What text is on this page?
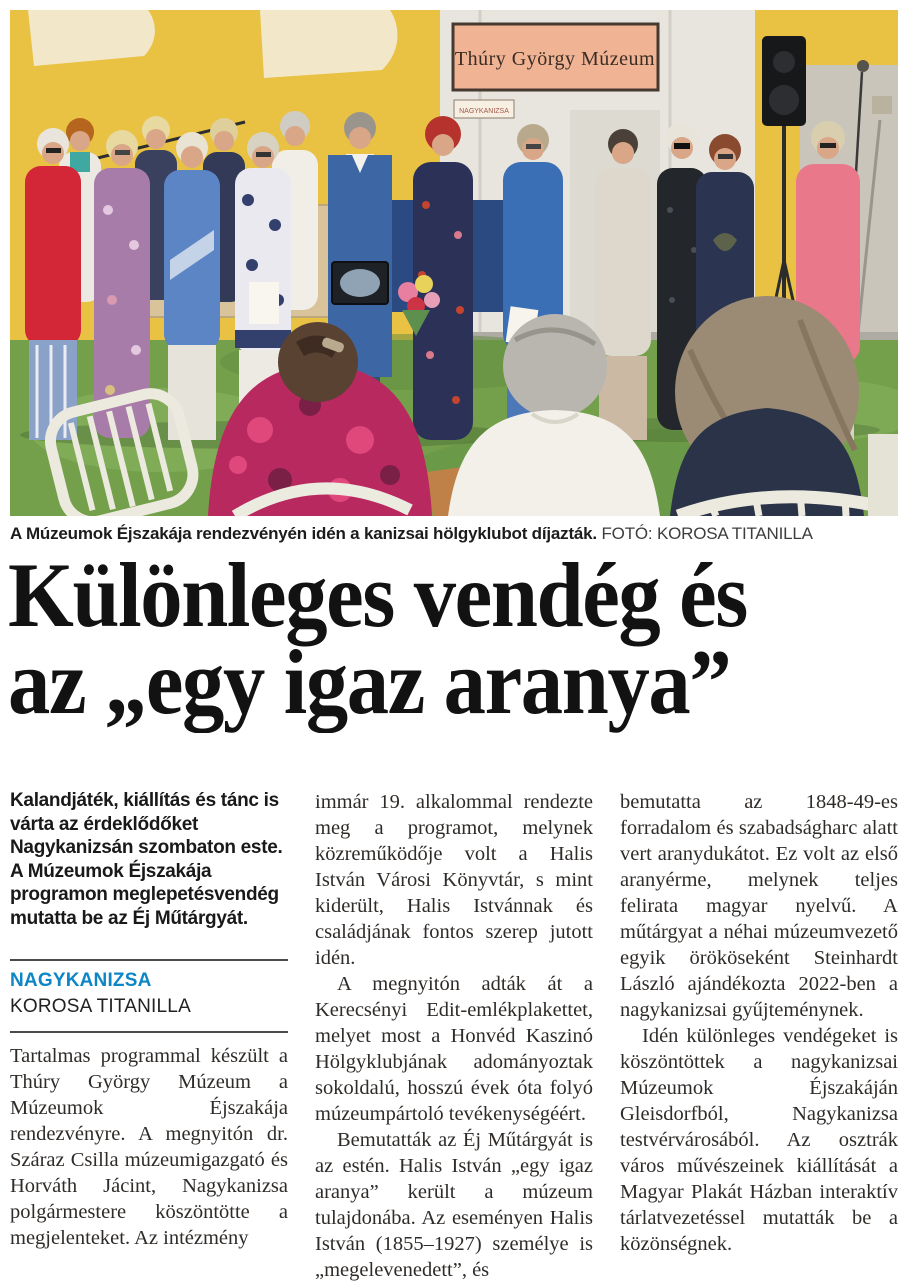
Thúry György Múzeum
NAGYKANIZSA
A Múzeumok Éjszakája rendezvényén idén a kanizsai hölgyklubot díjazták. FOTÓ: KOROSA TITANILLA
Különleges vendég és
az „egy igaz aranya”
Kalandjáték, kiállítás és tánc is várta az érdeklődőket Nagykanizsán szombaton este. A Múzeumok Éjszakája programon meglepetésvendég mutatta be az Éj Műtárgyát.
NAGYKANIZSA
KOROSA TITANILLA

Tartalmas programmal készült a Thúry György Múzeum a Múzeumok Éjszakája rendezvényre. A megnyitón dr. Száraz Csilla múzeumigazgató és Horváth Jácint, Nagykanizsa polgármestere köszöntötte a megjelenteket. Az intézmény

immár 19. alkalommal rendezte meg a programot, melynek közreműködője volt a Halis István Városi Könyvtár, s mint kiderült, Halis Istvánnak és családjának fontos szerep jutott idén.

A megnyitón adták át a Kerecsényi Edit-emlékplakettet, melyet most a Honvéd Kaszinó Hölgyklubjának adományoztak sokoldalú, hosszú évek óta folyó múzeumpártoló tevékenységéért.

Bemutatták az Éj Műtárgyát is az estén. Halis István „egy igaz aranya” került a múzeum tulajdonába. Az eseményen Halis István (1855–1927) személye is „megelevenedett”, és

bemutatta az 1848-49-es forradalom és szabadságharc alatt vert aranydukátot. Ez volt az első aranyérme, melynek teljes felirata magyar nyelvű. A műtárgyat a néhai múzeumvezető egyik örököseként Steinhardt László ajándékozta 2022-ben a nagykanizsai gyűjteménynek.

Idén különleges vendégeket is köszöntöttek a nagykanizsai Múzeumok Éjszakáján Gleisdorfból, Nagykanizsa testvérvárosából. Az osztrák város művészeinek kiállítását a Magyar Plakát Házban interaktív tárlatvezetéssel mutatták be a közönségnek.
